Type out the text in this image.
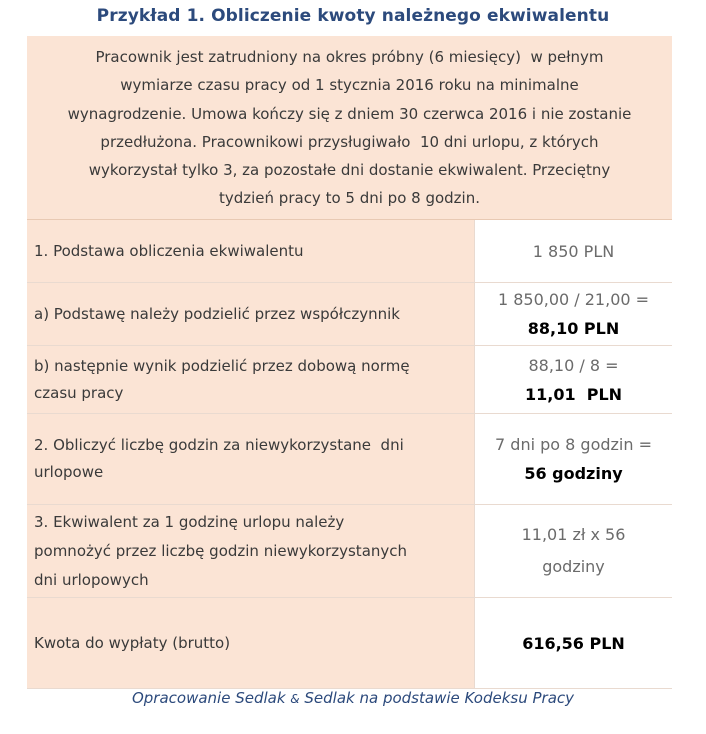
Przykład 1. Obliczenie kwoty należnego ekwiwalentu
Pracownik jest zatrudniony na okres próbny (6 miesięcy)  w pełnym
wymiarze czasu pracy od 1 stycznia 2016 roku na minimalne
wynagrodzenie. Umowa kończy się z dniem 30 czerwca 2016 i nie zostanie
przedłużona. Pracownikowi przysługiwało  10 dni urlopu, z których
wykorzystał tylko 3, za pozostałe dni dostanie ekwiwalent. Przeciętny
tydzień pracy to 5 dni po 8 godzin.
1. Podstawa obliczenia ekwiwalentu	1 850 PLN
a) Podstawę należy podzielić przez współczynnik
1 850,00 / 21,00 =
88,10 PLN
b) następnie wynik podzielić przez dobową normę
czasu pracy
88,10 / 8 =
11,01  PLN
2. Obliczyć liczbę godzin za niewykorzystane  dni
urlopowe
7 dni po 8 godzin =
56 godziny
3. Ekwiwalent za 1 godzinę urlopu należy
pomnożyć przez liczbę godzin niewykorzystanych
dni urlopowych
11,01 zł x 56
godziny
Kwota do wypłaty (brutto)	616,56 PLN
Opracowanie Sedlak & Sedlak na podstawie Kodeksu Pracy
